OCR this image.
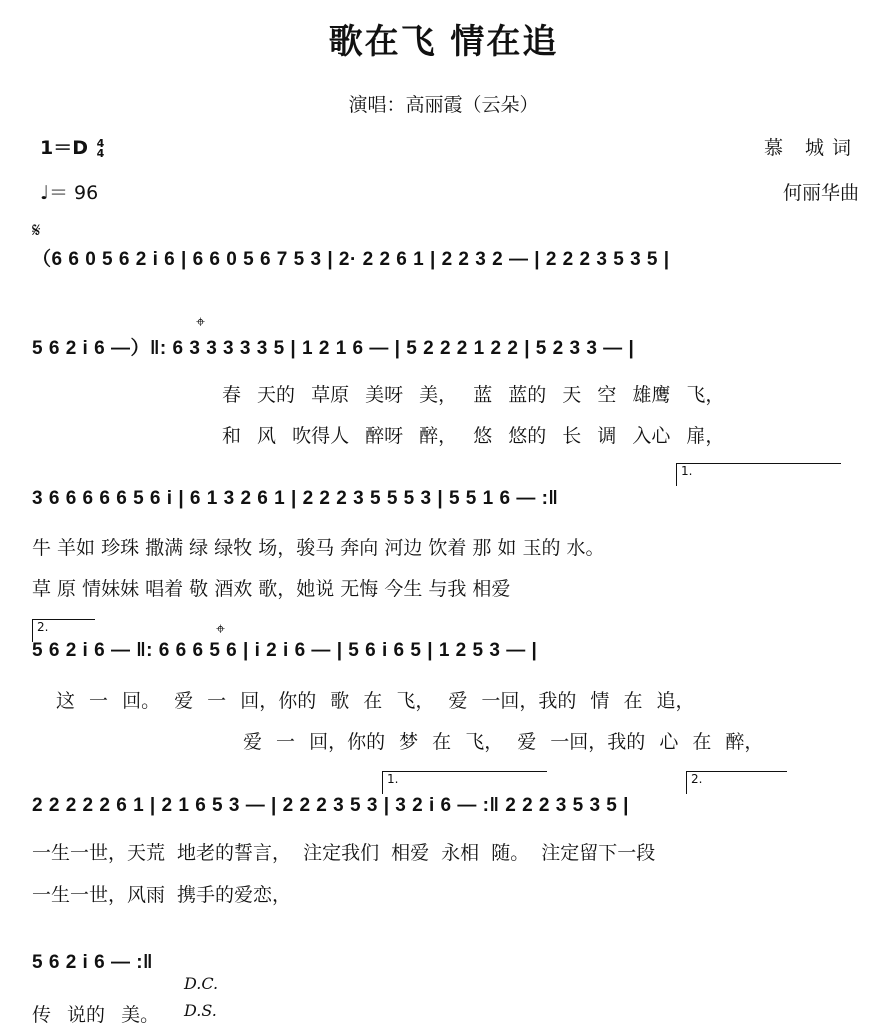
歌在飞 情在追
演唱：高丽霞（云朵）
1＝D 4
4
♩＝ 96
慕 城词
何丽华曲
𝄋
（6 6 0 5 6 2 i 6 | 6 6 0 5 6 7 5 3 | 2· 2 2 6 1 | 2 2 3 2 — | 2 2 2 3 5 3 5 |
⌖
5 6 2 i 6 —）‖: 6 3 3 3 3 3 5 | 1 2 1 6 — | 5 2 2 2 1 2 2 | 5 2 3 3 — |
春 天的 草原 美呀 美， 蓝 蓝的 天 空 雄鹰 飞，
和 风 吹得人 醉呀 醉， 悠 悠的 长 调 入心 扉，
1.
3 6 6 6 6 6 5 6 i | 6 1 3 2 6 1 | 2 2 2 3 5 5 5 3 | 5 5 1 6 — :‖
牛 羊如 珍珠 撒满 绿 绿牧 场，骏马 奔向 河边 饮着 那 如 玉的 水。
草 原 情妹妹 唱着 敬 酒欢 歌，她说 无悔 今生 与我 相爱
2.	⌖
5 6 2 i 6 — ‖: 6 6 6 5 6 | i 2 i 6 — | 5 6 i 6 5 | 1 2 5 3 — |
这 一 回。 爱 一 回，你的 歌 在 飞， 爱 一回，我的 情 在 追，
爱 一 回，你的 梦 在 飞， 爱 一回，我的 心 在 醉，
1.	2.
2 2 2 2 2 6 1 | 2 1 6 5 3 — | 2 2 2 3 5 3 | 3 2 i 6 — :‖ 2 2 2 3 5 3 5 |
一生一世，天荒 地老的誓言， 注定我们 相爱 永相 随。 注定留下一段
一生一世，风雨 携手的爱恋，
5 6 2 i 6 — :‖
D.C.
传 说的 美。 D.S.
